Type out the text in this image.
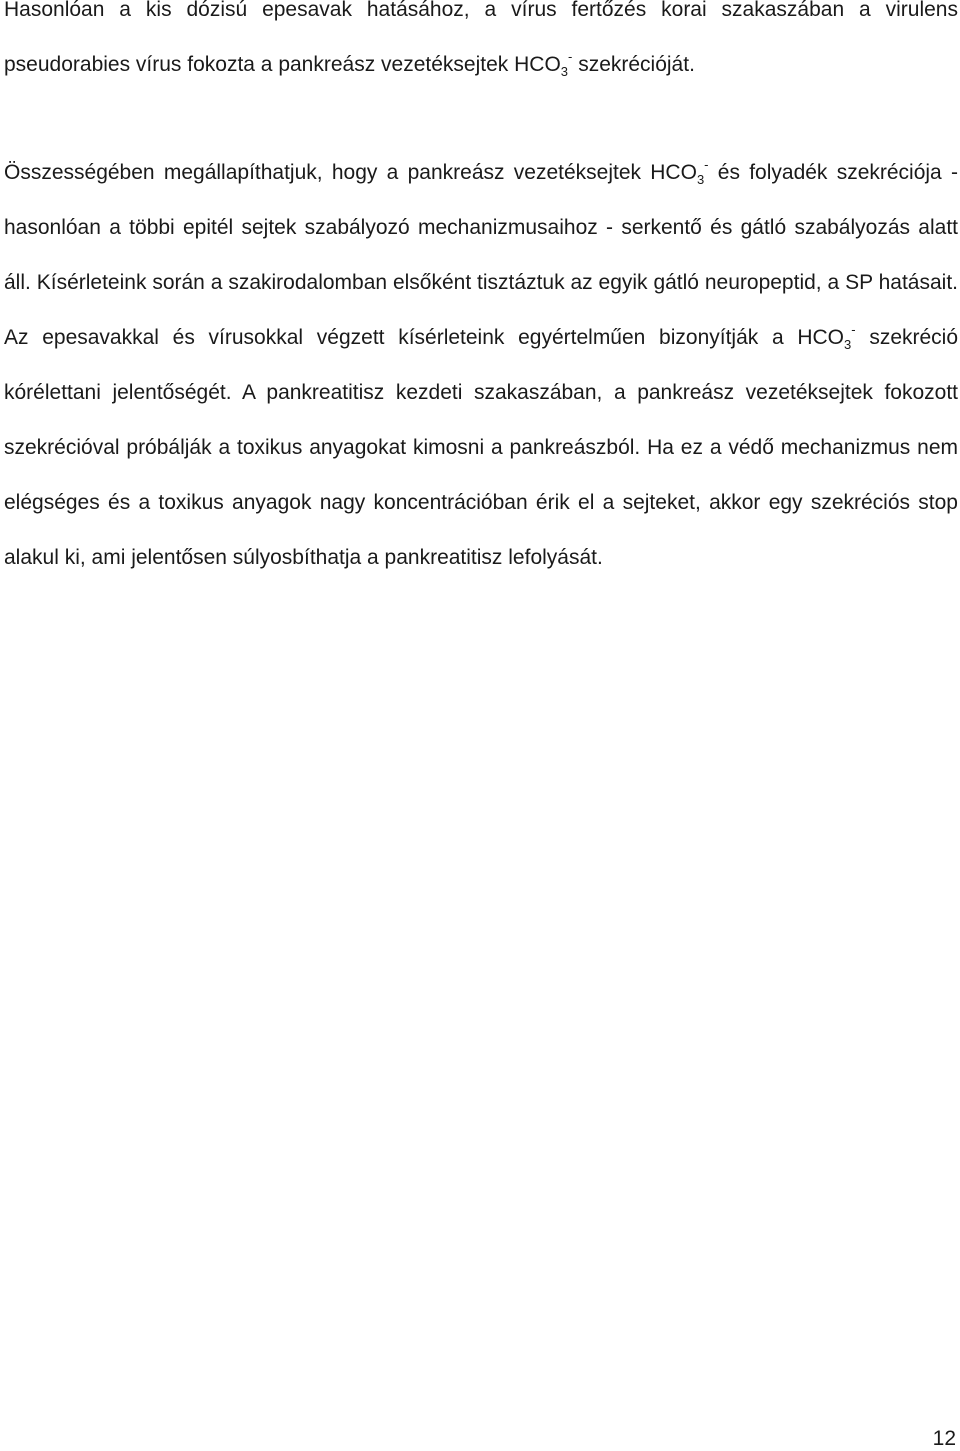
Hasonlóan a kis dózisú epesavak hatásához, a vírus fertőzés korai szakaszában a virulens pseudorabies vírus fokozta a pankreász vezetéksejtek $HCO_3^-$ szekrécióját.

Összességében megállapíthatjuk, hogy a pankreász vezetéksejtek $HCO_3^-$ és folyadék szekréciója - hasonlóan a többi epitél sejtek szabályozó mechanizmusaihoz - serkentő és gátló szabályozás alatt áll. Kísérleteink során a szakirodalomban elsőként tisztáztuk az egyik gátló neuropeptid, a SP hatásait. Az epesavakkal és vírusokkal végzett kísérleteink egyértelműen bizonyítják a $HCO_3^-$ szekréció kórélettani jelentőségét. A pankreatitisz kezdeti szakaszában, a pankreász vezetéksejtek fokozott szekrécióval próbálják a toxikus anyagokat kimosni a pankreászból. Ha ez a védő mechanizmus nem elégséges és a toxikus anyagok nagy koncentrációban érik el a sejteket, akkor egy szekréciós stop alakul ki, ami jelentősen súlyosbíthatja a pankreatitisz lefolyását.

12
